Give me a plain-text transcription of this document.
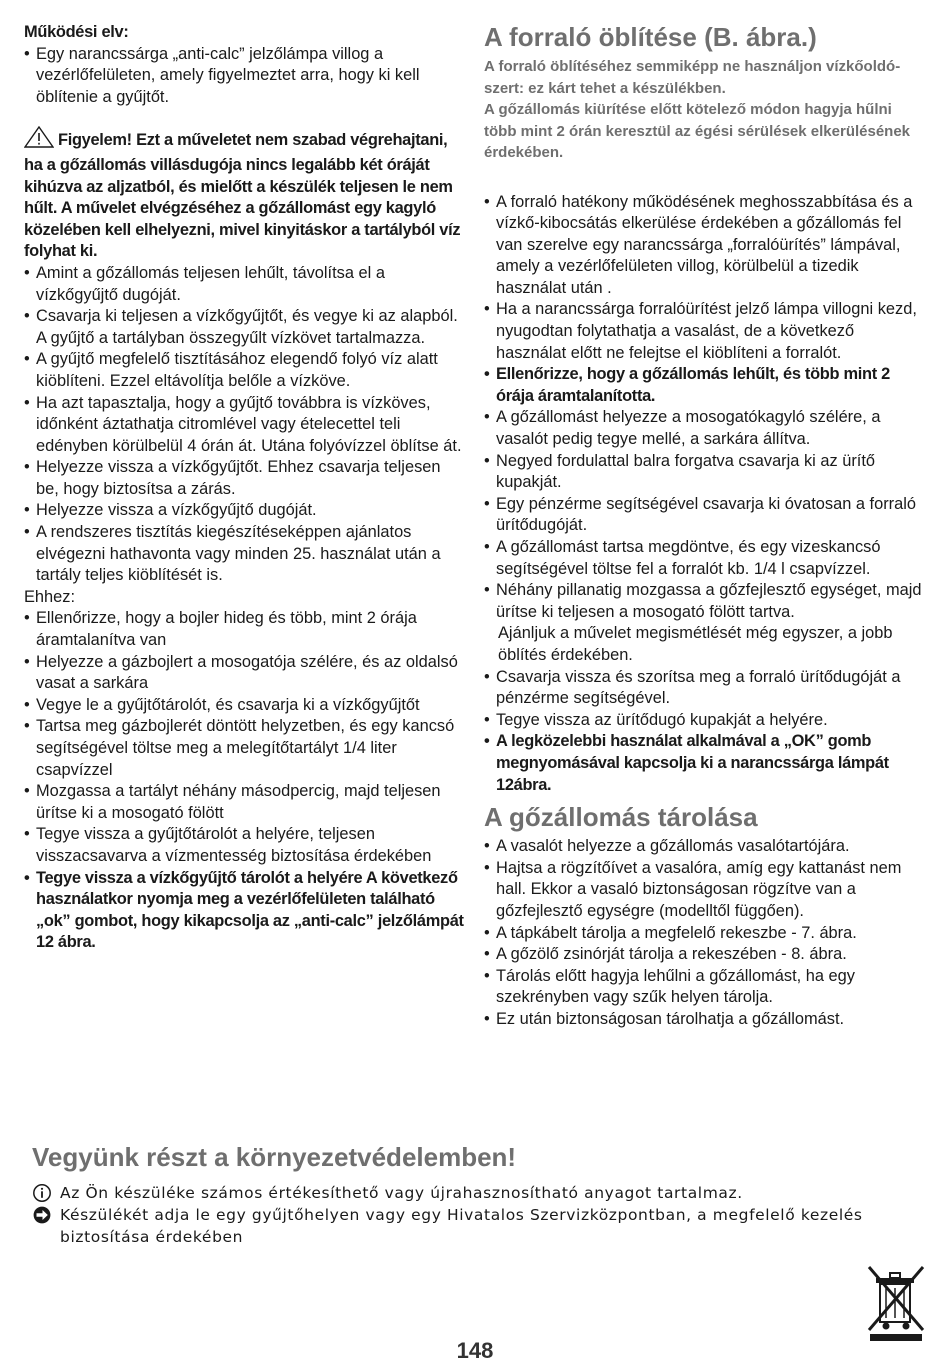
Működési elv:

• Egy narancssárga „anti-calc” jelzőlámpa villog a vezérlőfelületen, amely figyelmeztet arra, hogy ki kell öblítenie a gyűjtőt.

Figyelem! Ezt a műveletet nem szabad végrehajtani, ha a gőzállomás villásdugója nincs legalább két óráját kihúzva az aljzatból, és mielőtt a készülék teljesen le nem hűlt. A művelet elvégzéséhez a gőzállomást egy kagyló közelében kell elhelyezni, mivel kinyitáskor a tartályból víz folyhat ki.

• Amint a gőzállomás teljesen lehűlt, távolítsa el a vízkőgyűjtő dugóját.
• Csavarja ki teljesen a vízkőgyűjtőt, és vegye ki az alapból. A gyűjtő a tartályban összegyűlt vízkövet tartalmazza.
• A gyűjtő megfelelő tisztításához elegendő folyó víz alatt kiöblíteni. Ezzel eltávolítja belőle a vízköve.
• Ha azt tapasztalja, hogy a gyűjtő továbbra is vízköves, időnként áztathatja citromlével vagy ételecettel teli edényben körülbelül 4 órán át. Utána folyóvízzel öblítse át.
• Helyezze vissza a vízkőgyűjtőt. Ehhez csavarja teljesen be, hogy biztosítsa a zárás.
• Helyezze vissza a vízkőgyűjtő dugóját.
• A rendszeres tisztítás kiegészítéseképpen ajánlatos elvégezni hathavonta vagy minden 25. használat után a tartály teljes kiöblítését is.

Ehhez:

• Ellenőrizze, hogy a bojler hideg és több, mint 2 órája áramtalanítva van
• Helyezze a gázbojlert a mosogatója szélére, és az oldalsó vasat a sarkára
• Vegye le a gyűjtőtárolót, és csavarja ki a vízkőgyűjtőt
• Tartsa meg gázbojlerét döntött helyzetben, és egy kancsó segítségével töltse meg a melegítőtartályt 1/4 liter csapvízzel
• Mozgassa a tartályt néhány másodpercig, majd teljesen ürítse ki a mosogató fölött
• Tegye vissza a gyűjtőtárolót a helyére, teljesen visszacsavarva a vízmentesség biztosítása érdekében
• Tegye vissza a vízkőgyűjtő tárolót a helyére A következő használatkor nyomja meg a vezérlőfelületen található „ok” gombot, hogy kikapcsolja az „anti-calc” jelzőlámpát 12 ábra.
A forraló öblítése (B. ábra.)

A forraló öblítéséhez semmiképp ne használjon vízkőoldó- szert: ez kárt tehet a készülékben.

A gőzállomás kiürítése előtt kötelező módon hagyja hűlni több mint 2 órán keresztül az égési sérülések elkerülésének érdekében.

• A forraló hatékony működésének meghosszabbítása és a vízkő-kibocsátás elkerülése érdekében a gőzállomás fel van szerelve egy narancssárga „forralóürítés” lámpával, amely a vezérlőfelületen villog, körülbelül a tizedik használat után .
• Ha a narancssárga forralóürítést jelző lámpa villogni kezd, nyugodtan folytathatja a vasalást, de a következő használat előtt ne felejtse el kiöblíteni a forralót.
• Ellenőrizze, hogy a gőzállomás lehűlt, és több mint 2 órája áramtalanította.
• A gőzállomást helyezze a mosogatókagyló szélére, a vasalót pedig tegye mellé, a sarkára állítva.
• Negyed fordulattal balra forgatva csavarja ki az ürítő kupakját.
• Egy pénzérme segítségével csavarja ki óvatosan a forraló ürítődugóját.
• A gőzállomást tartsa megdöntve, és egy vizeskancsó segítségével töltse fel a forralót kb. 1/4 l csapvízzel.
• Néhány pillanatig mozgassa a gőzfejlesztő egységet, majd ürítse ki teljesen a mosogató fölött tartva.
Ajánljuk a művelet megismétlését még egyszer, a jobb öblítés érdekében.
• Csavarja vissza és szorítsa meg a forraló ürítődugóját a pénzérme segítségével.
• Tegye vissza az ürítődugó kupakját a helyére.
• A legközelebbi használat alkalmával a „OK” gomb megnyomásával kapcsolja ki a narancssárga lámpát 12ábra.
A gőzállomás tárolása
• A vasalót helyezze a gőzállomás vasalótartójára.
• Hajtsa a rögzítőívet a vasalóra, amíg egy kattanást nem hall. Ekkor a vasaló biztonságosan rögzítve van a gőzfejlesztő egységre (modelltől függően).
• A tápkábelt tárolja a megfelelő rekeszbe - 7. ábra.
• A gőzölő zsinórját tárolja a rekeszében - 8. ábra.
• Tárolás előtt hagyja lehűlni a gőzállomást, ha egy szekrényben vagy szűk helyen tárolja.
• Ez után biztonságosan tárolhatja a gőzállomást.
Vegyünk részt a környezetvédelemben!
Az Ön készüléke számos értékesíthető vagy újrahasznosítható anyagot tartalmaz.
Készülékét adja le egy gyűjtőhelyen vagy egy Hivatalos Szervizközpontban, a megfelelő kezelés biztosítása érdekében
148
